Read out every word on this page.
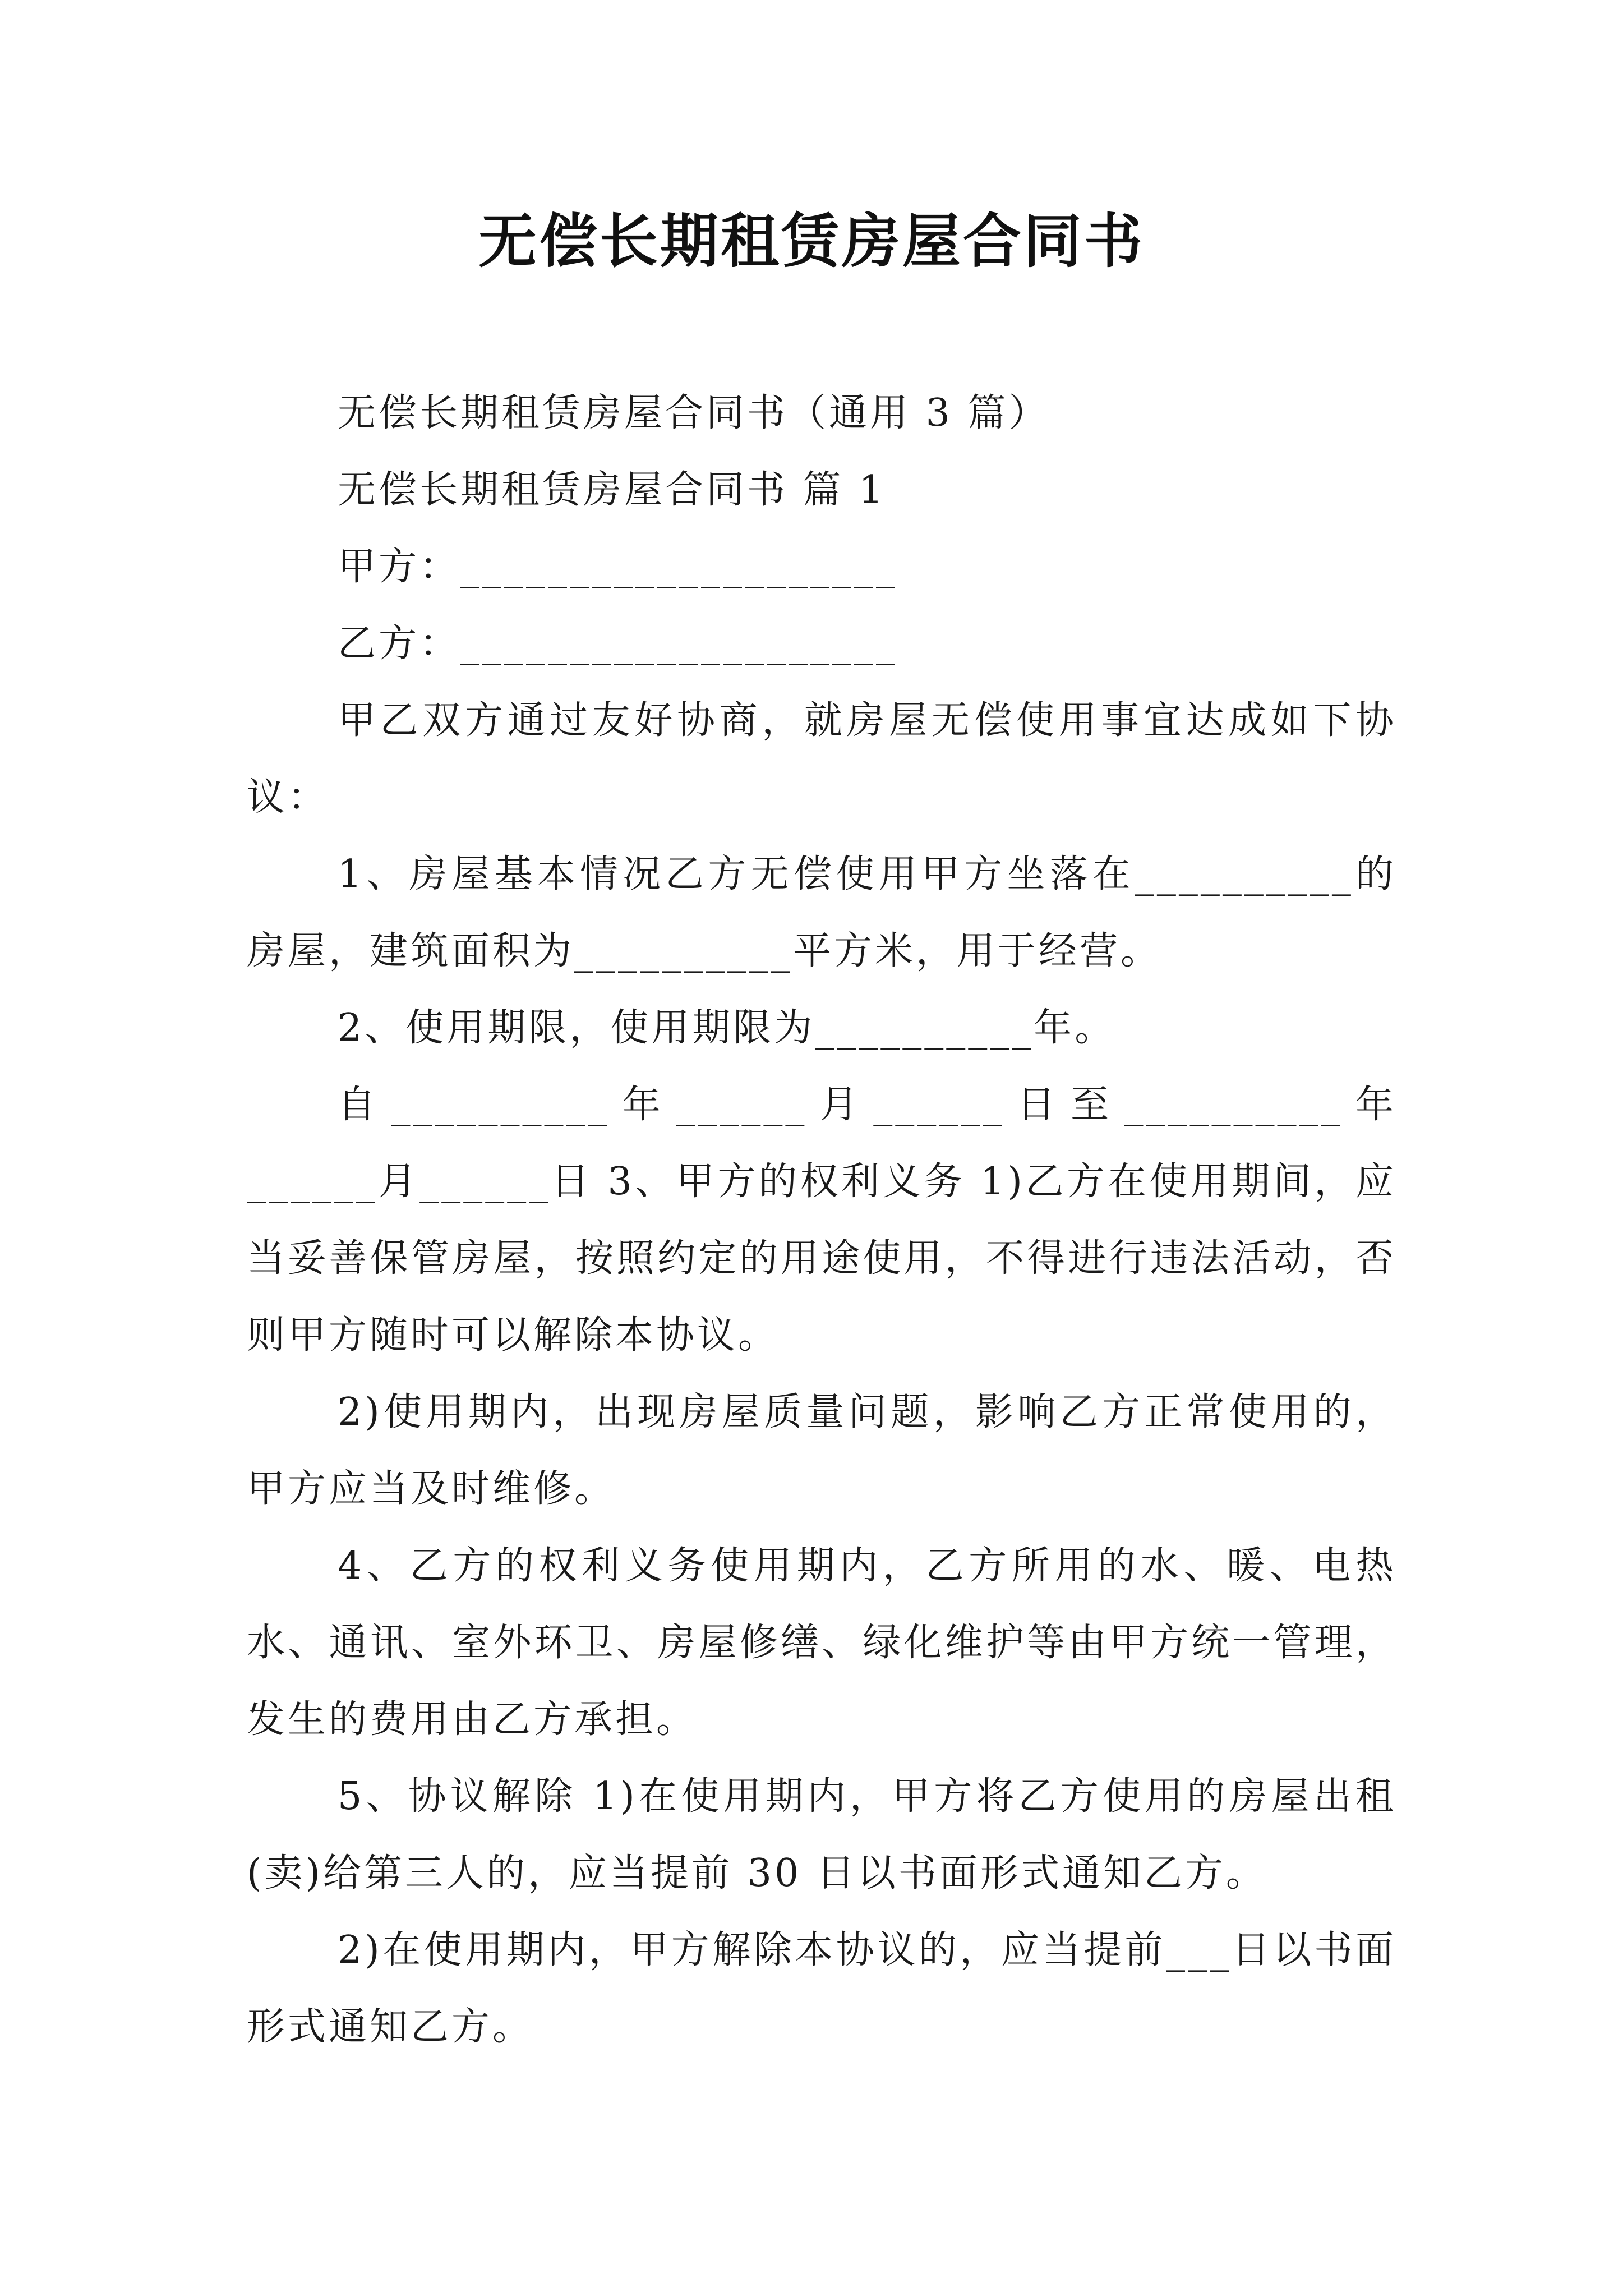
无偿长期租赁房屋合同书

无偿长期租赁房屋合同书（通用 3 篇）

无偿长期租赁房屋合同书 篇 1

甲方：____________________

乙方：____________________

甲乙双方通过友好协商，就房屋无偿使用事宜达成如下协议：

1、房屋基本情况乙方无偿使用甲方坐落在__________的房屋，建筑面积为__________平方米，用于经营。

2、使用期限，使用期限为__________年。

自__________年______月______日至__________年______月______日 3、甲方的权利义务 1)乙方在使用期间，应当妥善保管房屋，按照约定的用途使用，不得进行违法活动，否则甲方随时可以解除本协议。

2)使用期内，出现房屋质量问题，影响乙方正常使用的，甲方应当及时维修。

4、乙方的权利义务使用期内，乙方所用的水、暖、电热水、通讯、室外环卫、房屋修缮、绿化维护等由甲方统一管理，发生的费用由乙方承担。

5、协议解除 1)在使用期内，甲方将乙方使用的房屋出租(卖)给第三人的，应当提前 30 日以书面形式通知乙方。

2)在使用期内，甲方解除本协议的，应当提前___日以书面形式通知乙方。
